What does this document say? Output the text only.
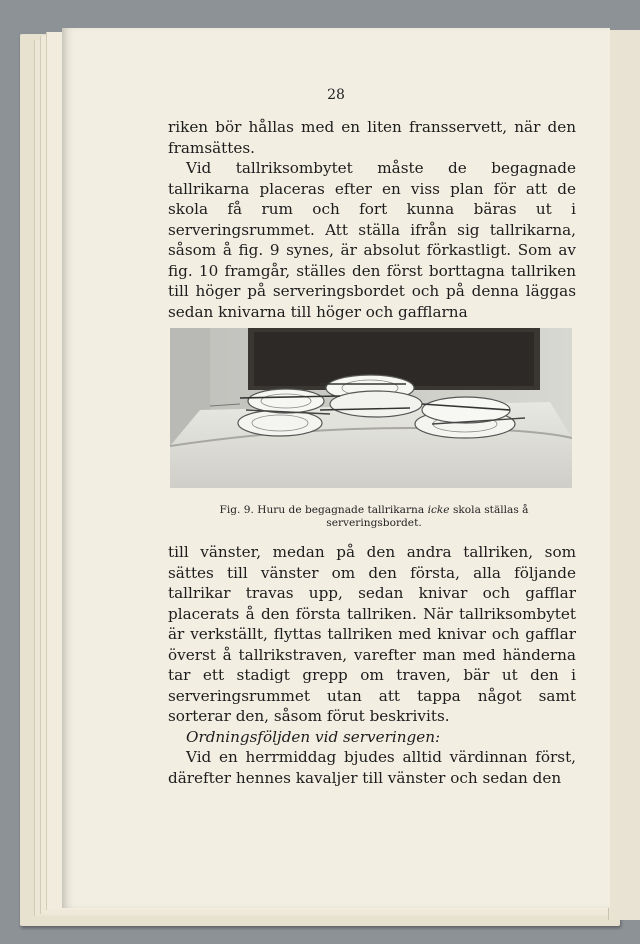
28

riken bör hållas med en liten fransservett, när den framsättes.

Vid tallriksombytet måste de begagnade tallrikarna placeras efter en viss plan för att de skola få rum och fort kunna bäras ut i serveringsrummet. Att ställa ifrån sig tallrikarna, såsom å fig. 9 synes, är absolut förkastligt. Som av fig. 10 framgår, ställes den först borttagna tallriken till höger på serveringsbordet och på denna läggas sedan knivarna till höger och gafflarna

Fig. 9. Huru de begagnade tallrikarna icke skola ställas å serveringsbordet.

till vänster, medan på den andra tallriken, som sättes till vänster om den första, alla följande tallrikar travas upp, sedan knivar och gafflar placerats å den första tallriken. När tallriksombytet är verkställt, flyttas tallriken med knivar och gafflar överst å tallrikstraven, varefter man med händerna tar ett stadigt grepp om traven, bär ut den i serveringsrummet utan att tappa något samt sorterar den, såsom förut beskrivits.

Ordningsföljden vid serveringen:

Vid en herrmiddag bjudes alltid värdinnan först, därefter hennes kavaljer till vänster och sedan den
